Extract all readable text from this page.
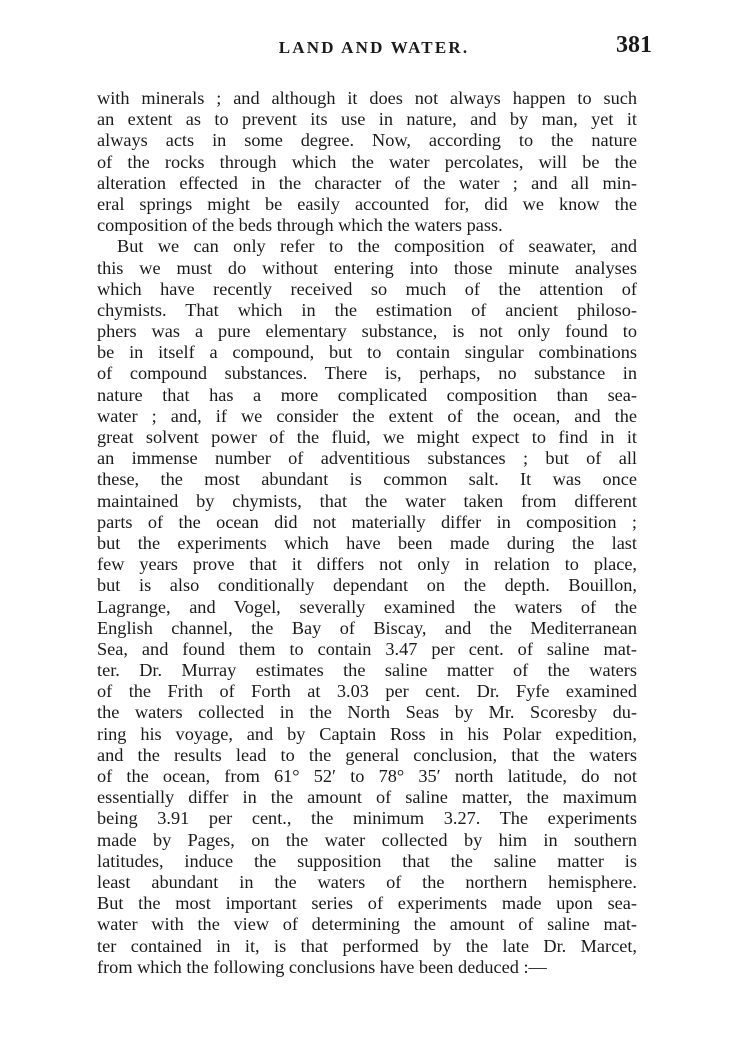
LAND AND WATER.	381
with minerals ; and although it does not always happen to such
an extent as to prevent its use in nature, and by man, yet it
always acts in some degree. Now, according to the nature
of the rocks through which the water percolates, will be the
alteration effected in the character of the water ; and all min-
eral springs might be easily accounted for, did we know the
composition of the beds through which the waters pass.
But we can only refer to the composition of seawater, and
this we must do without entering into those minute analyses
which have recently received so much of the attention of
chymists. That which in the estimation of ancient philoso-
phers was a pure elementary substance, is not only found to
be in itself a compound, but to contain singular combinations
of compound substances. There is, perhaps, no substance in
nature that has a more complicated composition than sea-
water ; and, if we consider the extent of the ocean, and the
great solvent power of the fluid, we might expect to find in it
an immense number of adventitious substances ; but of all
these, the most abundant is common salt. It was once
maintained by chymists, that the water taken from different
parts of the ocean did not materially differ in composition ;
but the experiments which have been made during the last
few years prove that it differs not only in relation to place,
but is also conditionally dependant on the depth. Bouillon,
Lagrange, and Vogel, severally examined the waters of the
English channel, the Bay of Biscay, and the Mediterranean
Sea, and found them to contain 3.47 per cent. of saline mat-
ter. Dr. Murray estimates the saline matter of the waters
of the Frith of Forth at 3.03 per cent. Dr. Fyfe examined
the waters collected in the North Seas by Mr. Scoresby du-
ring his voyage, and by Captain Ross in his Polar expedition,
and the results lead to the general conclusion, that the waters
of the ocean, from 61° 52′ to 78° 35′ north latitude, do not
essentially differ in the amount of saline matter, the maximum
being 3.91 per cent., the minimum 3.27. The experiments
made by Pages, on the water collected by him in southern
latitudes, induce the supposition that the saline matter is
least abundant in the waters of the northern hemisphere.
But the most important series of experiments made upon sea-
water with the view of determining the amount of saline mat-
ter contained in it, is that performed by the late Dr. Marcet,
from which the following conclusions have been deduced :—
